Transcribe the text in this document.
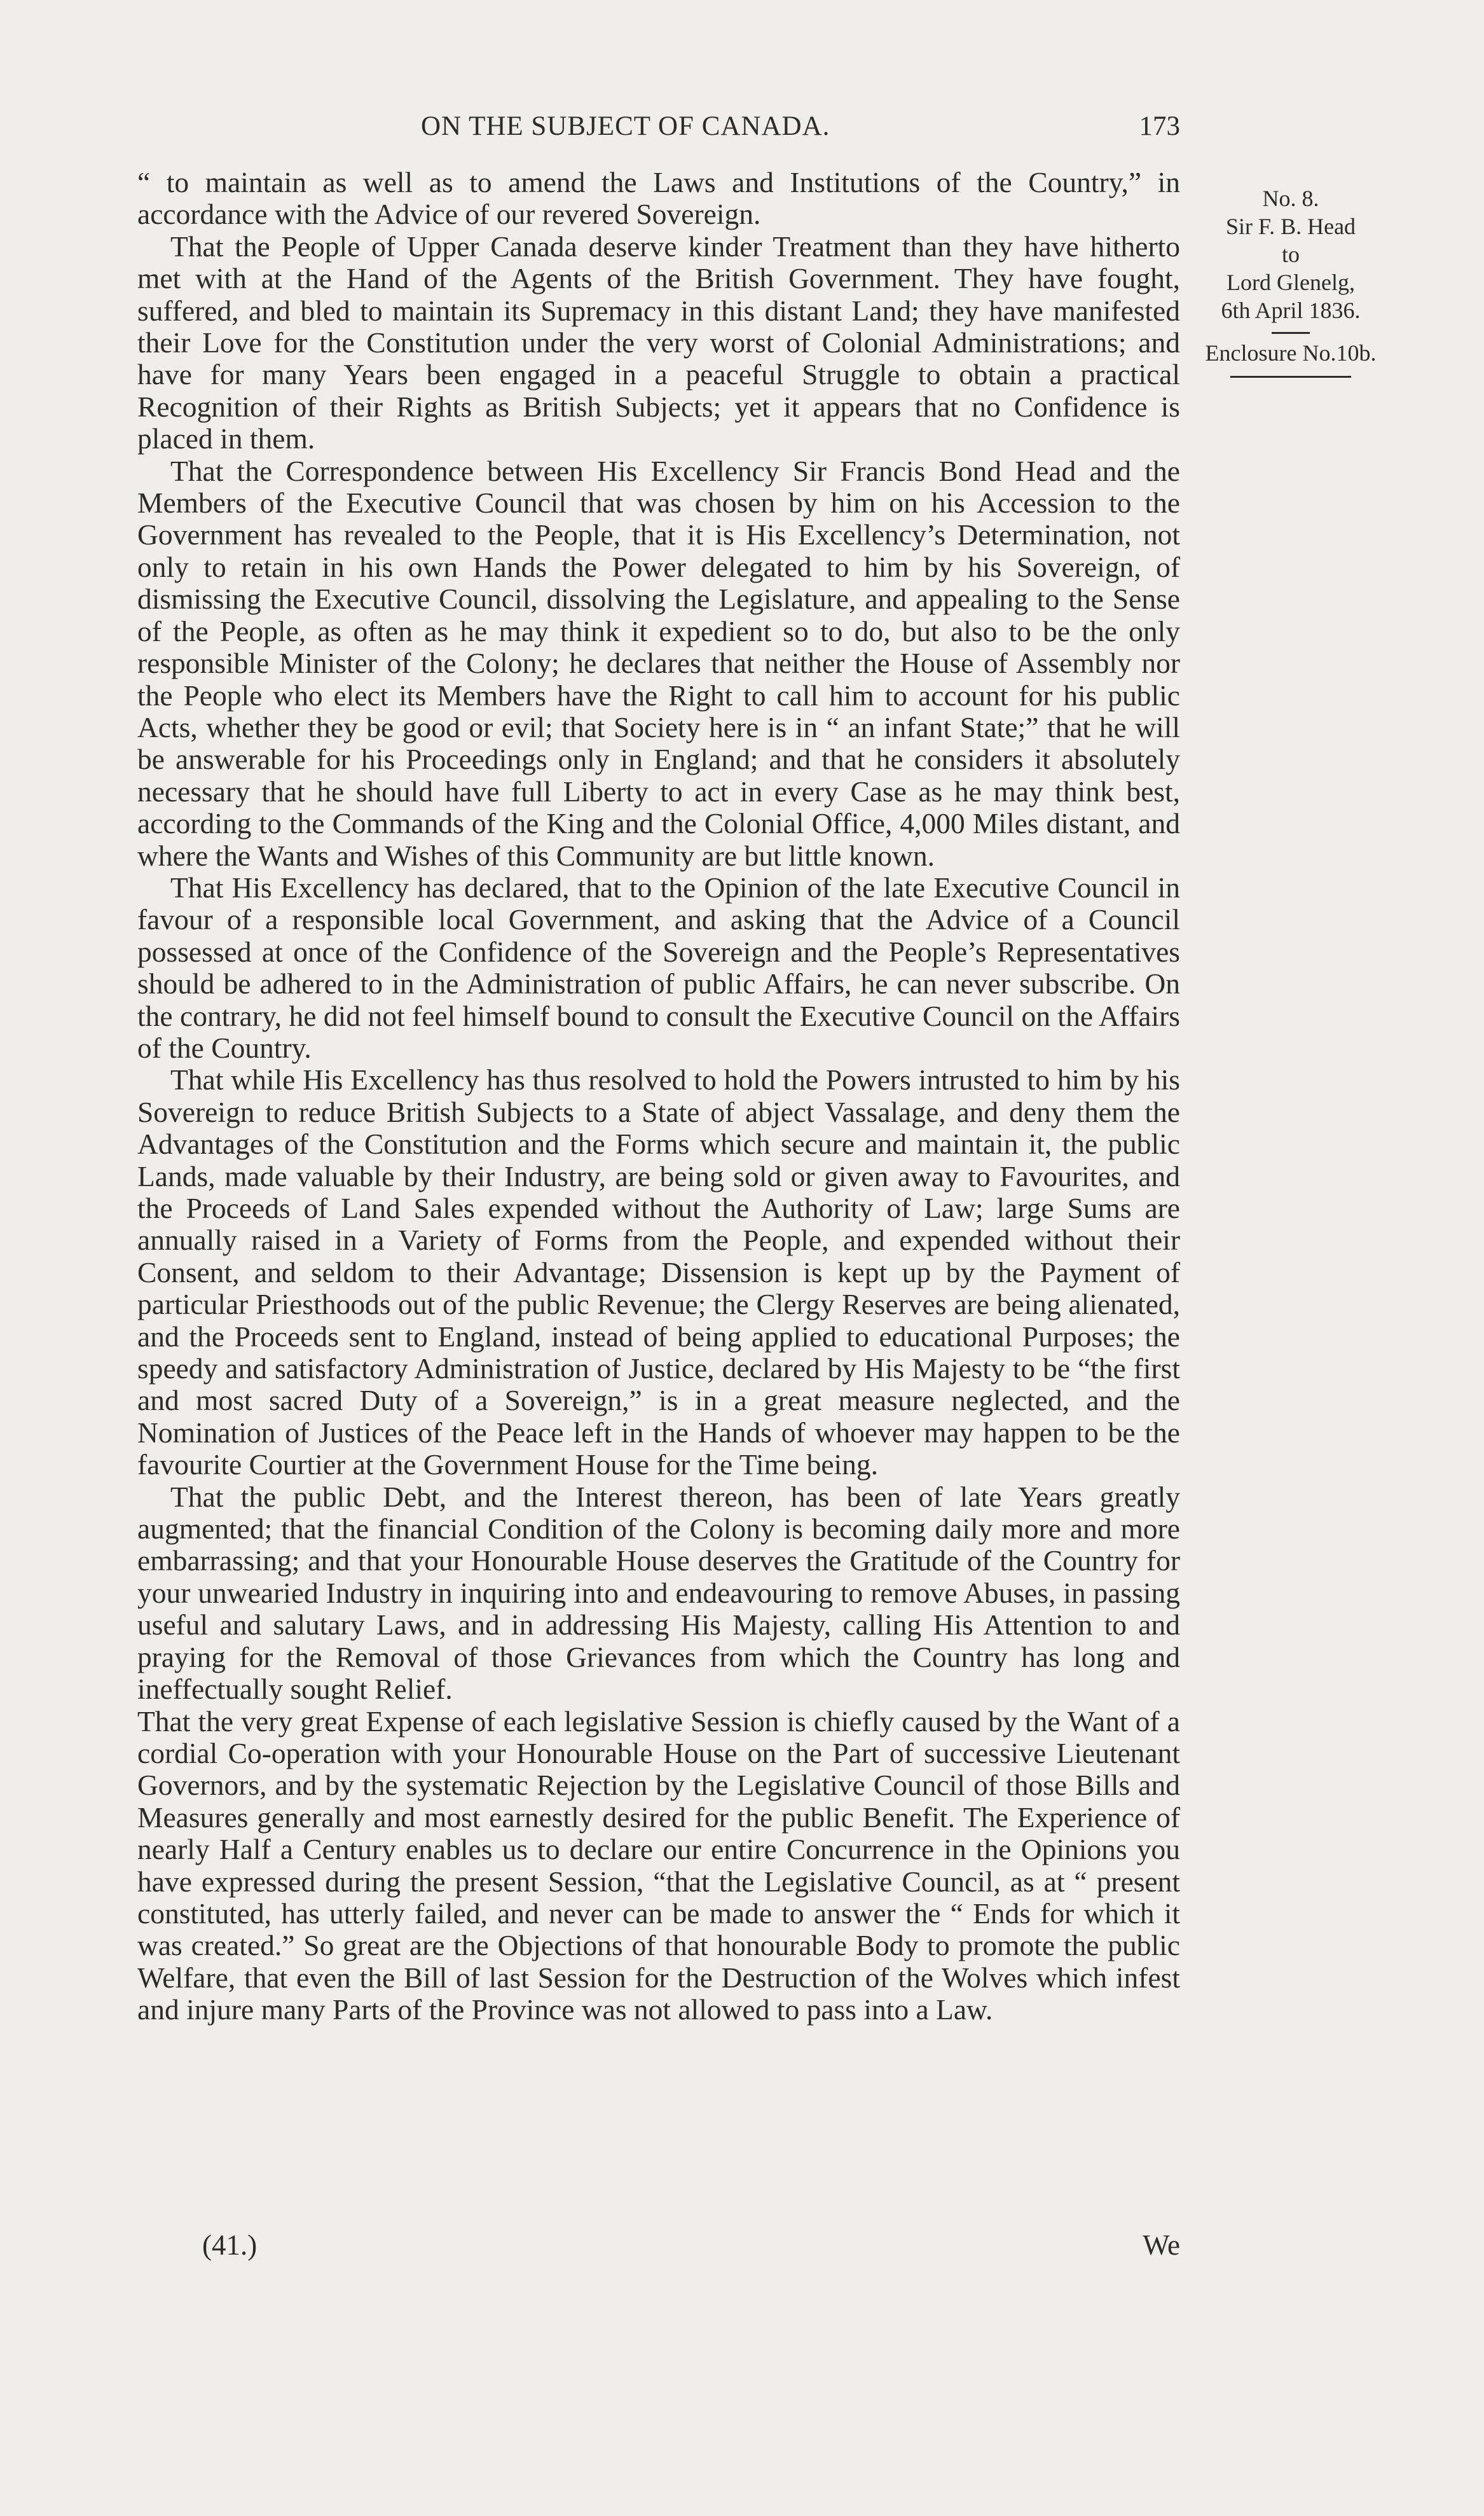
ON THE SUBJECT OF CANADA.	173
No. 8.
Sir F. B. Head
to
Lord Glenelg,
6th April 1836.
Enclosure No.10b.

“ to maintain as well as to amend the Laws and Institutions of the Country,” in accordance with the Advice of our revered Sovereign.

That the People of Upper Canada deserve kinder Treatment than they have hitherto met with at the Hand of the Agents of the British Government. They have fought, suffered, and bled to maintain its Supremacy in this distant Land; they have manifested their Love for the Constitution under the very worst of Colonial Administrations; and have for many Years been engaged in a peaceful Struggle to obtain a practical Recognition of their Rights as British Subjects; yet it appears that no Confidence is placed in them.

That the Correspondence between His Excellency Sir Francis Bond Head and the Members of the Executive Council that was chosen by him on his Accession to the Government has revealed to the People, that it is His Excellency’s Determination, not only to retain in his own Hands the Power delegated to him by his Sovereign, of dismissing the Executive Council, dissolving the Legislature, and appealing to the Sense of the People, as often as he may think it expedient so to do, but also to be the only responsible Minister of the Colony; he declares that neither the House of Assembly nor the People who elect its Members have the Right to call him to account for his public Acts, whether they be good or evil; that Society here is in “ an infant State;” that he will be answerable for his Proceedings only in England; and that he considers it absolutely necessary that he should have full Liberty to act in every Case as he may think best, according to the Commands of the King and the Colonial Office, 4,000 Miles distant, and where the Wants and Wishes of this Community are but little known.

That His Excellency has declared, that to the Opinion of the late Executive Council in favour of a responsible local Government, and asking that the Advice of a Council possessed at once of the Confidence of the Sovereign and the People’s Representatives should be adhered to in the Administration of public Affairs, he can never subscribe. On the contrary, he did not feel himself bound to consult the Executive Council on the Affairs of the Country.

That while His Excellency has thus resolved to hold the Powers intrusted to him by his Sovereign to reduce British Subjects to a State of abject Vassalage, and deny them the Advantages of the Constitution and the Forms which secure and maintain it, the public Lands, made valuable by their Industry, are being sold or given away to Favourites, and the Proceeds of Land Sales expended without the Authority of Law; large Sums are annually raised in a Variety of Forms from the People, and expended without their Consent, and seldom to their Advantage; Dissension is kept up by the Payment of particular Priesthoods out of the public Revenue; the Clergy Reserves are being alienated, and the Proceeds sent to England, instead of being applied to educational Purposes; the speedy and satisfactory Administration of Justice, declared by His Majesty to be “the first and most sacred Duty of a Sovereign,” is in a great measure neglected, and the Nomination of Justices of the Peace left in the Hands of whoever may happen to be the favourite Courtier at the Government House for the Time being.

That the public Debt, and the Interest thereon, has been of late Years greatly augmented; that the financial Condition of the Colony is becoming daily more and more embarrassing; and that your Honourable House deserves the Gratitude of the Country for your unwearied Industry in inquiring into and endeavouring to remove Abuses, in passing useful and salutary Laws, and in addressing His Majesty, calling His Attention to and praying for the Removal of those Grievances from which the Country has long and ineffectually sought Relief.

That the very great Expense of each legislative Session is chiefly caused by the Want of a cordial Co-operation with your Honourable House on the Part of successive Lieutenant Governors, and by the systematic Rejection by the Legislative Council of those Bills and Measures generally and most earnestly desired for the public Benefit. The Experience of nearly Half a Century enables us to declare our entire Concurrence in the Opinions you have expressed during the present Session, “that the Legislative Council, as at “ present constituted, has utterly failed, and never can be made to answer the “ Ends for which it was created.” So great are the Objections of that honourable Body to promote the public Welfare, that even the Bill of last Session for the Destruction of the Wolves which infest and injure many Parts of the Province was not allowed to pass into a Law.

(41.)	We
